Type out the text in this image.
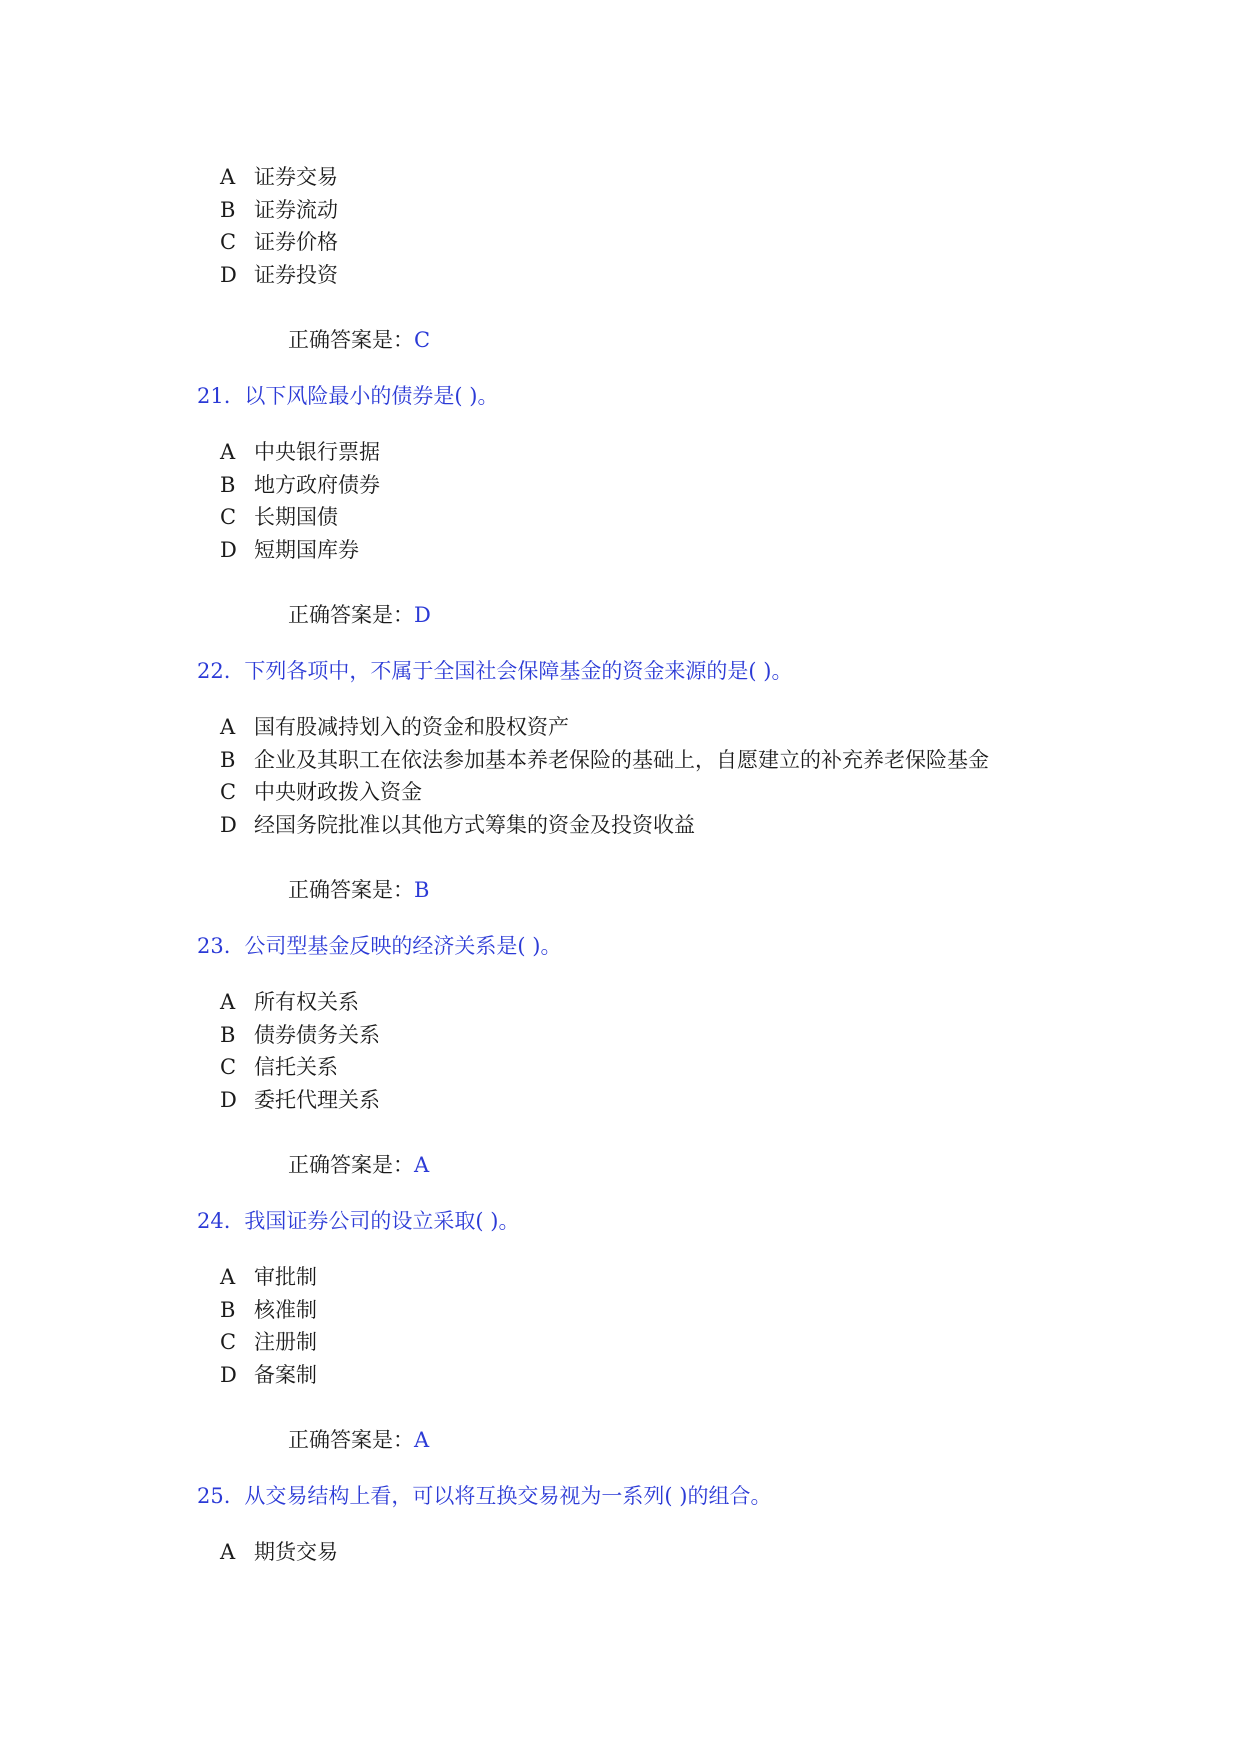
A 证券交易
B 证券流动
C 证券价格
D 证券投资
正确答案是：C
21. 以下风险最小的债券是( )。
A 中央银行票据
B 地方政府债券
C 长期国债
D 短期国库券
正确答案是：D
22. 下列各项中，不属于全国社会保障基金的资金来源的是( )。
A 国有股减持划入的资金和股权资产
B 企业及其职工在依法参加基本养老保险的基础上，自愿建立的补充养老保险基金
C 中央财政拨入资金
D 经国务院批准以其他方式筹集的资金及投资收益
正确答案是：B
23. 公司型基金反映的经济关系是( )。
A 所有权关系
B 债券债务关系
C 信托关系
D 委托代理关系
正确答案是：A
24. 我国证券公司的设立采取( )。
A 审批制
B 核准制
C 注册制
D 备案制
正确答案是：A
25. 从交易结构上看，可以将互换交易视为一系列( )的组合。
A 期货交易
